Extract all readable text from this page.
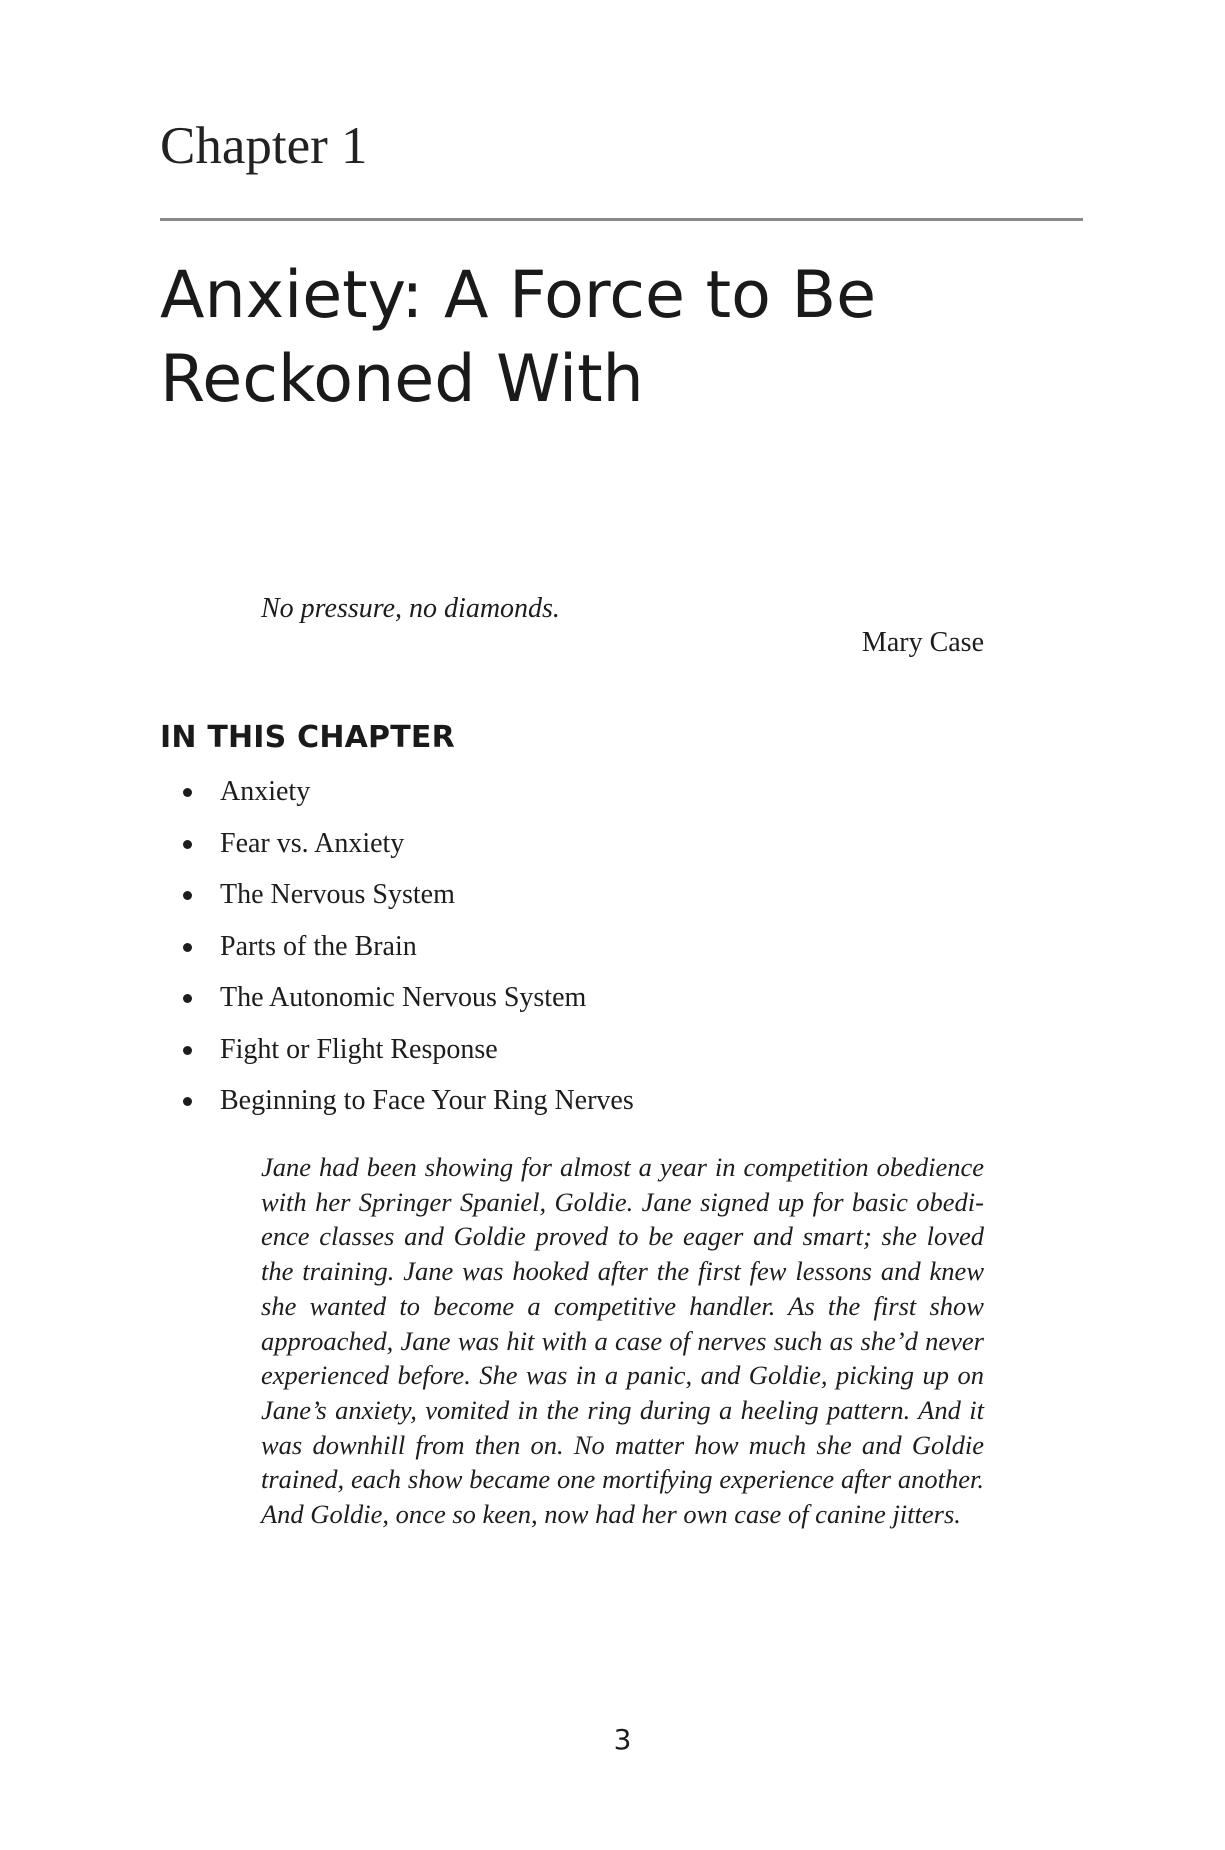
Chapter 1
Anxiety: A Force to Be Reckoned With

No pressure, no diamonds.

Mary Case

IN THIS CHAPTER
Anxiety
Fear vs. Anxiety
The Nervous System
Parts of the Brain
The Autonomic Nervous System
Fight or Flight Response
Beginning to Face Your Ring Nerves

Jane had been showing for almost a year in competition obedience with her Springer Spaniel, Goldie. Jane signed up for basic obedience classes and Goldie proved to be eager and smart; she loved the training. Jane was hooked after the first few lessons and knew she wanted to become a competitive handler. As the first show approached, Jane was hit with a case of nerves such as she’d never experienced before. She was in a panic, and Goldie, picking up on Jane’s anxiety, vomited in the ring during a heeling pattern. And it was downhill from then on. No matter how much she and Goldie trained, each show became one mortifying experience after another. And Goldie, once so keen, now had her own case of canine jitters.

3
